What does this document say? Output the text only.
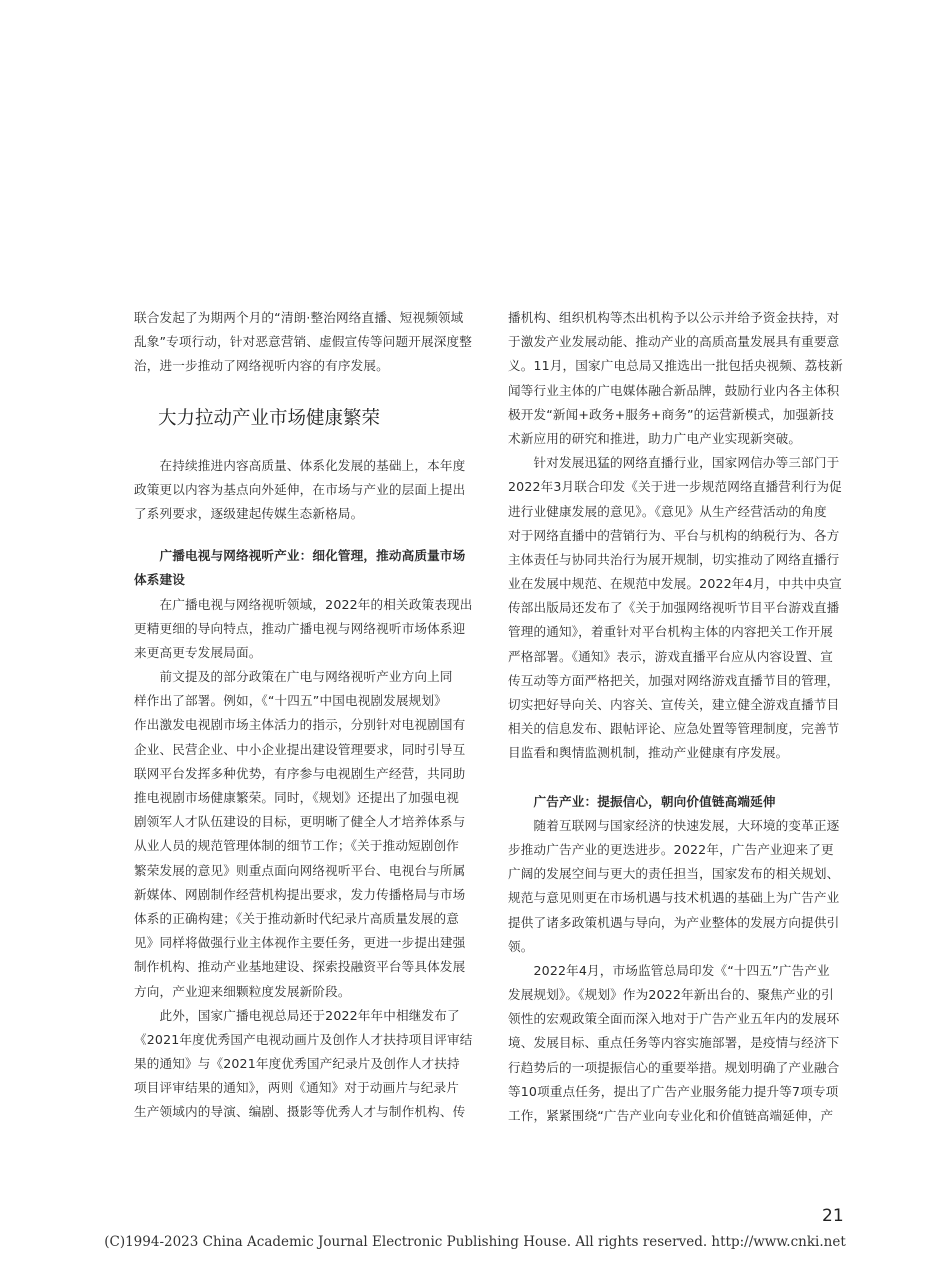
联合发起了为期两个月的“清朗·整治网络直播、短视频领域
乱象”专项行动，针对恶意营销、虚假宣传等问题开展深度整
治，进一步推动了网络视听内容的有序发展。
大力拉动产业市场健康繁荣
　　在持续推进内容高质量、体系化发展的基础上，本年度
政策更以内容为基点向外延伸，在市场与产业的层面上提出
了系列要求，逐级建起传媒生态新格局。
　　广播电视与网络视听产业：细化管理，推动高质量市场
体系建设
　　在广播电视与网络视听领域，2022年的相关政策表现出
更精更细的导向特点，推动广播电视与网络视听市场体系迎
来更高更专发展局面。
　　前文提及的部分政策在广电与网络视听产业方向上同
样作出了部署。例如，《“十四五”中国电视剧发展规划》
作出激发电视剧市场主体活力的指示，分别针对电视剧国有
企业、民营企业、中小企业提出建设管理要求，同时引导互
联网平台发挥多种优势，有序参与电视剧生产经营，共同助
推电视剧市场健康繁荣。同时，《规划》还提出了加强电视
剧领军人才队伍建设的目标，更明晰了健全人才培养体系与
从业人员的规范管理体制的细节工作；《关于推动短剧创作
繁荣发展的意见》则重点面向网络视听平台、电视台与所属
新媒体、网剧制作经营机构提出要求，发力传播格局与市场
体系的正确构建；《关于推动新时代纪录片高质量发展的意
见》同样将做强行业主体视作主要任务，更进一步提出建强
制作机构、推动产业基地建设、探索投融资平台等具体发展
方向，产业迎来细颗粒度发展新阶段。
　　此外，国家广播电视总局还于2022年年中相继发布了
《2021年度优秀国产电视动画片及创作人才扶持项目评审结
果的通知》与《2021年度优秀国产纪录片及创作人才扶持
项目评审结果的通知》，两则《通知》对于动画片与纪录片
生产领域内的导演、编剧、摄影等优秀人才与制作机构、传
播机构、组织机构等杰出机构予以公示并给予资金扶持，对
于激发产业发展动能、推动产业的高质高量发展具有重要意
义。11月，国家广电总局又推选出一批包括央视频、荔枝新
闻等行业主体的广电媒体融合新品牌，鼓励行业内各主体积
极开发“新闻+政务+服务+商务”的运营新模式，加强新技
术新应用的研究和推进，助力广电产业实现新突破。
　　针对发展迅猛的网络直播行业，国家网信办等三部门于
2022年3月联合印发《关于进一步规范网络直播营利行为促
进行业健康发展的意见》。《意见》从生产经营活动的角度
对于网络直播中的营销行为、平台与机构的纳税行为、各方
主体责任与协同共治行为展开规制，切实推动了网络直播行
业在发展中规范、在规范中发展。2022年4月，中共中央宣
传部出版局还发布了《关于加强网络视听节目平台游戏直播
管理的通知》，着重针对平台机构主体的内容把关工作开展
严格部署。《通知》表示，游戏直播平台应从内容设置、宣
传互动等方面严格把关，加强对网络游戏直播节目的管理，
切实把好导向关、内容关、宣传关，建立健全游戏直播节目
相关的信息发布、跟帖评论、应急处置等管理制度，完善节
目监看和舆情监测机制，推动产业健康有序发展。
　　广告产业：提振信心，朝向价值链高端延伸
　　随着互联网与国家经济的快速发展，大环境的变革正逐
步推动广告产业的更迭进步。2022年，广告产业迎来了更
广阔的发展空间与更大的责任担当，国家发布的相关规划、
规范与意见则更在市场机遇与技术机遇的基础上为广告产业
提供了诸多政策机遇与导向，为产业整体的发展方向提供引
领。
　　2022年4月，市场监管总局印发《“十四五”广告产业
发展规划》。《规划》作为2022年新出台的、聚焦产业的引
领性的宏观政策全面而深入地对于广告产业五年内的发展环
境、发展目标、重点任务等内容实施部署，是疫情与经济下
行趋势后的一项提振信心的重要举措。规划明确了产业融合
等10项重点任务，提出了广告产业服务能力提升等7项专项
工作，紧紧围绕“广告产业向专业化和价值链高端延伸，产
21
(C)1994-2023 China Academic Journal Electronic Publishing House. All rights reserved. http://www.cnki.net
